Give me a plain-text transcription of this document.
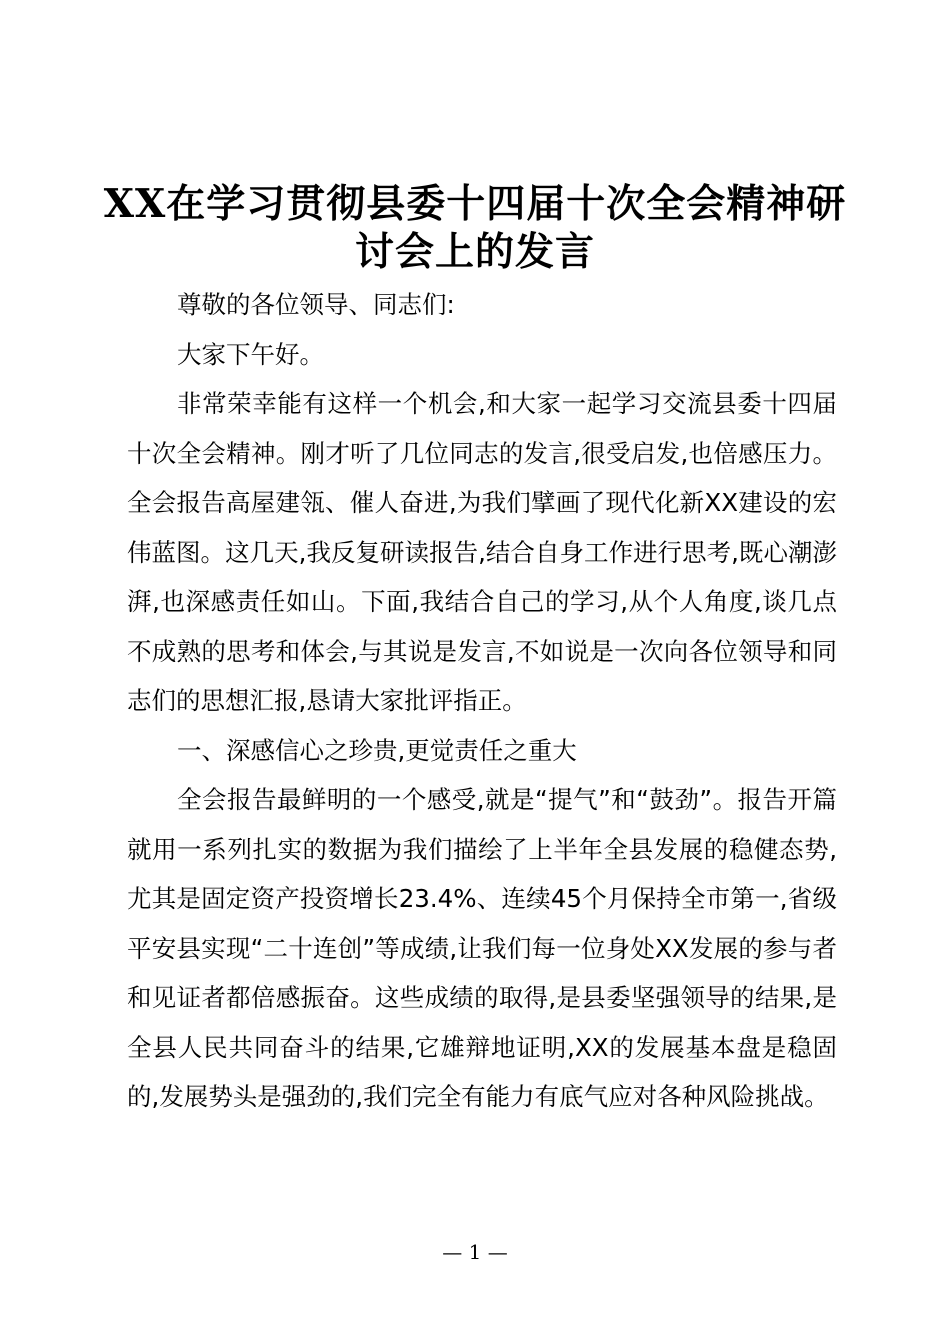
XX在学习贯彻县委十四届十次全会精神研讨会上的发言

尊敬的各位领导、同志们:

大家下午好。

非常荣幸能有这样一个机会,和大家一起学习交流县委十四届十次全会精神。刚才听了几位同志的发言,很受启发,也倍感压力。全会报告高屋建瓴、催人奋进,为我们擘画了现代化新XX建设的宏伟蓝图。这几天,我反复研读报告,结合自身工作进行思考,既心潮澎湃,也深感责任如山。下面,我结合自己的学习,从个人角度,谈几点不成熟的思考和体会,与其说是发言,不如说是一次向各位领导和同志们的思想汇报,恳请大家批评指正。

一、深感信心之珍贵,更觉责任之重大

全会报告最鲜明的一个感受,就是“提气”和“鼓劲”。报告开篇就用一系列扎实的数据为我们描绘了上半年全县发展的稳健态势,尤其是固定资产投资增长23.4%、连续45个月保持全市第一,省级平安县实现“二十连创”等成绩,让我们每一位身处XX发展的参与者和见证者都倍感振奋。这些成绩的取得,是县委坚强领导的结果,是全县人民共同奋斗的结果,它雄辩地证明,XX的发展基本盘是稳固的,发展势头是强劲的,我们完全有能力有底气应对各种风险挑战。

— 1 —
